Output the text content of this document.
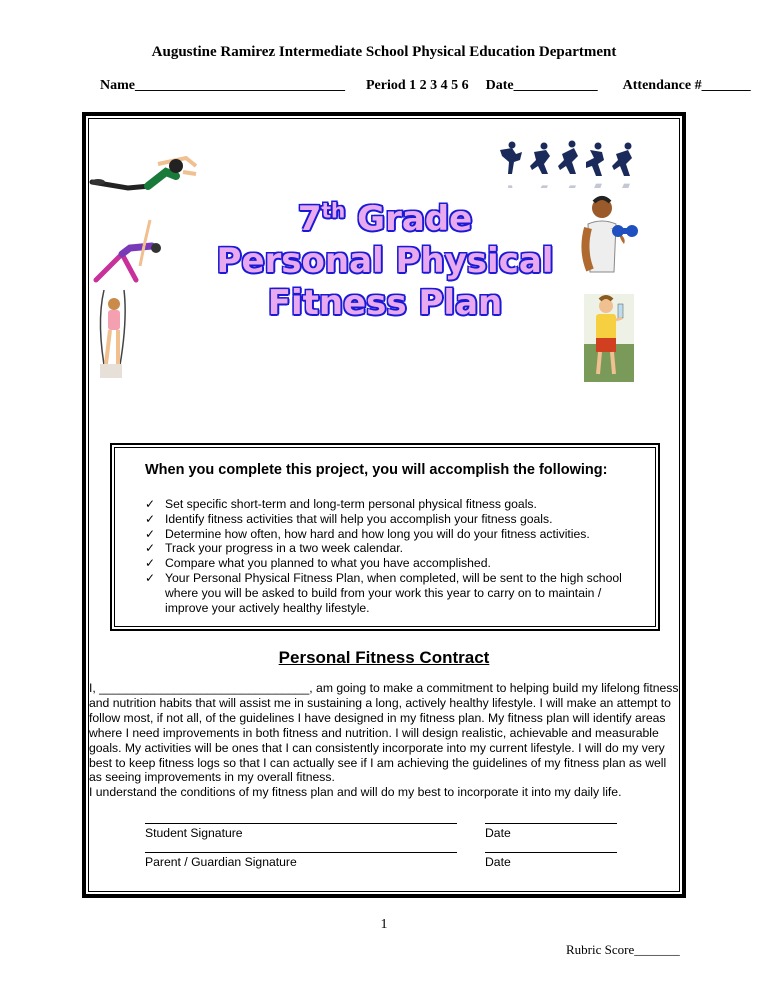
Augustine Ramirez Intermediate School Physical Education Department
Name______________________________ Period 1 2 3 4 5 6 Date____________ Attendance #_______
7th Grade
Personal Physical
Fitness Plan
When you complete this project, you will accomplish the following:
✓ Set specific short-term and long-term personal physical fitness goals.
✓ Identify fitness activities that will help you accomplish your fitness goals.
✓ Determine how often, how hard and how long you will do your fitness activities.
✓ Track your progress in a two week calendar.
✓ Compare what you planned to what you have accomplished.
✓ Your Personal Physical Fitness Plan, when completed, will be sent to the high school where you will be asked to build from your work this year to carry on to maintain / improve your actively healthy lifestyle.
Personal Fitness Contract

I, _______________________________, am going to make a commitment to helping build my lifelong fitness and nutrition habits that will assist me in sustaining a long, actively healthy lifestyle. I will make an attempt to follow most, if not all, of the guidelines I have designed in my fitness plan. My fitness plan will identify areas where I need improvements in both fitness and nutrition. I will design realistic, achievable and measurable goals. My activities will be ones that I can consistently incorporate into my current lifestyle. I will do my very best to keep fitness logs so that I can actually see if I am achieving the guidelines of my fitness plan as well as seeing improvements in my overall fitness.

I understand the conditions of my fitness plan and will do my best to incorporate it into my daily life.

Student Signature	Date
Parent / Guardian Signature	Date
1
Rubric Score_______
